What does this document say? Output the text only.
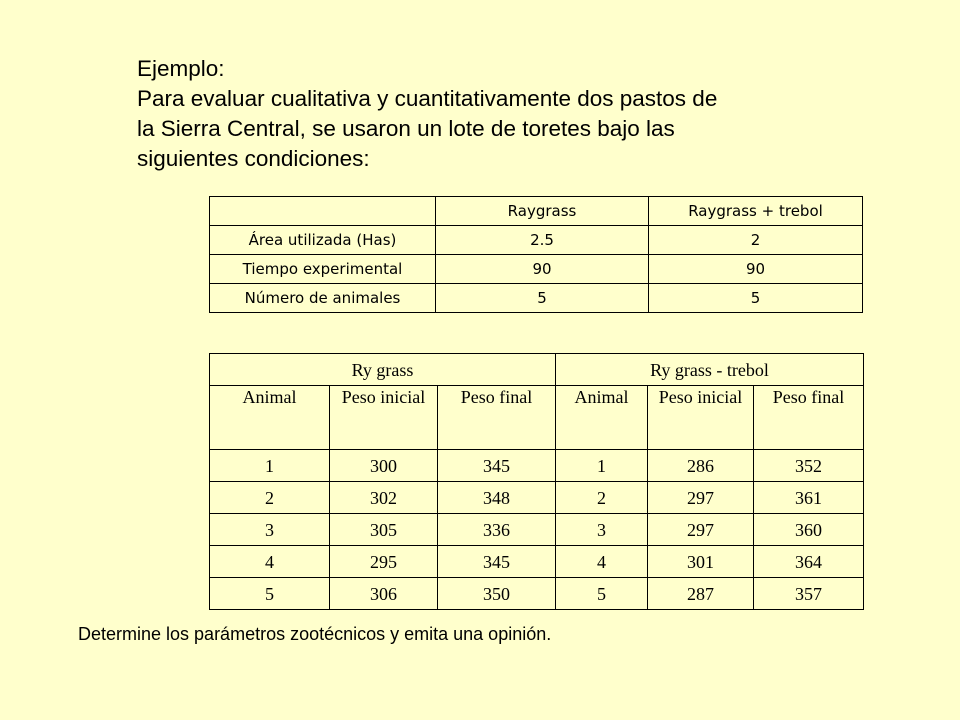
Ejemplo:
Para evaluar cualitativa y cuantitativamente dos pastos de
la Sierra Central, se usaron un lote de toretes bajo las
siguientes condiciones:
	Raygrass	Raygrass + trebol
Área utilizada (Has)	2.5	2
Tiempo experimental	90	90
Número de animales	5	5
Ry grass			Ry grass - trebol		
Animal	Peso inicial	Peso final	Animal	Peso inicial	Peso final
1	300	345	1	286	352
2	302	348	2	297	361
3	305	336	3	297	360
4	295	345	4	301	364
5	306	350	5	287	357
Determine los parámetros zootécnicos y emita una opinión.
